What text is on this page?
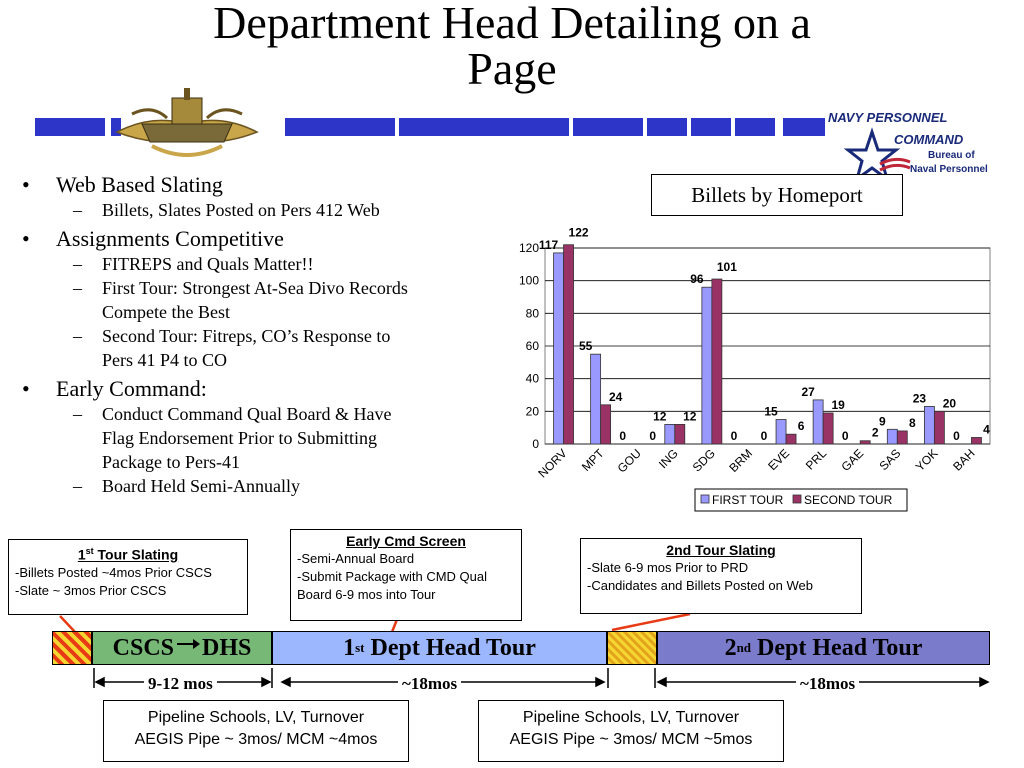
Department Head Detailing on a
Page
NAVY PERSONNEL
COMMAND
Bureau of
Naval Personnel
• Web Based Slating
– Billets, Slates Posted on Pers 412 Web
• Assignments Competitive
– FITREPS and Quals Matter!!
– First Tour: Strongest At-Sea Divo Records
Compete the Best
– Second Tour: Fitreps, CO’s Response to
Pers 41 P4 to CO
• Early Command:
– Conduct Command Qual Board & Have
Flag Endorsement Prior to Submitting
Package to Pers-41
– Board Held Semi-Annually
Billets by Homeport
0
20
40
60
80
100
120 117
122
NORV
55
24
MPT
0 0
GOU
12 12
ING
96
101
SDG
0 0
BRM
15
6
EVE
27
19
PRL
0 2
GAE
9 8
SAS
23 20
YOK
0 4
BAH
FIRST TOUR SECOND TOUR
1st Tour Slating
-Billets Posted ~4mos Prior CSCS
-Slate ~ 3mos Prior CSCS
Early Cmd Screen
-Semi-Annual Board
-Submit Package with CMD Qual
Board 6-9 mos into Tour
2nd Tour Slating
-Slate 6-9 mos Prior to PRD
-Candidates and Billets Posted on Web
CSCS DHS	1 st
Dept Head Tour	2 nd
Dept Head Tour
9-12 mos	~18mos	~18mos
Pipeline Schools, LV, Turnover
AEGIS Pipe ~ 3mos/ MCM ~4mos
Pipeline Schools, LV, Turnover
AEGIS Pipe ~ 3mos/ MCM ~5mos
